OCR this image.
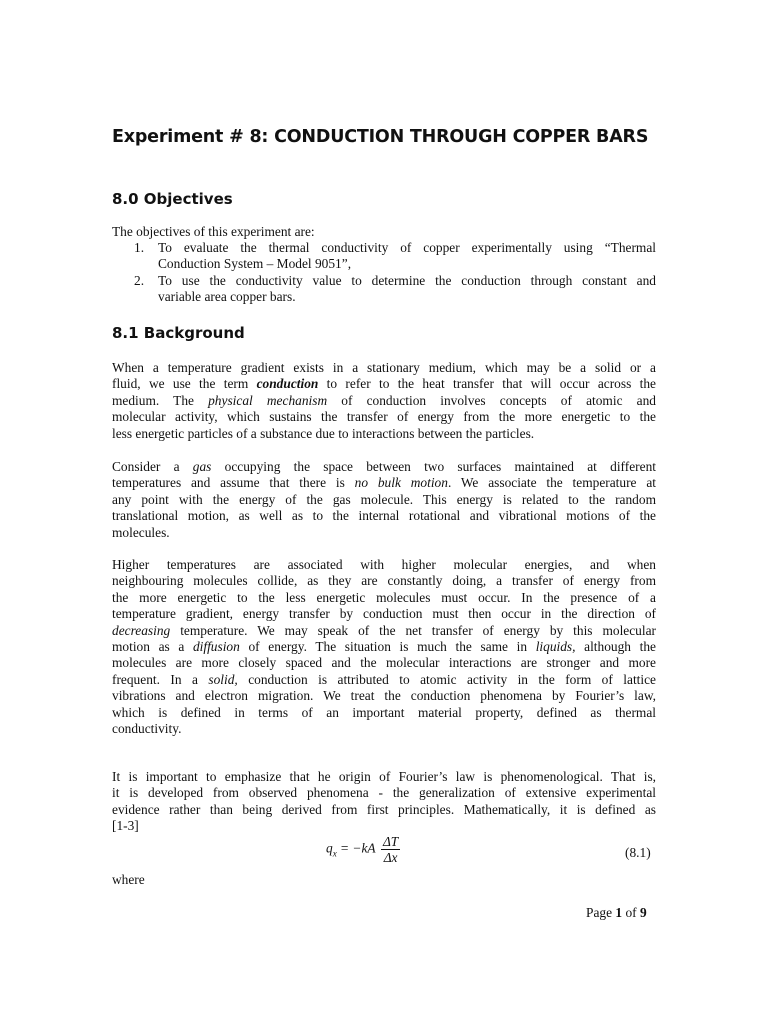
Experiment # 8: CONDUCTION THROUGH COPPER BARS
8.0 Objectives

The objectives of this experiment are:

1. To evaluate the thermal conductivity of copper experimentally using “Thermal
Conduction System – Model 9051”,
2. To use the conductivity value to determine the conduction through constant and
variable area copper bars.
8.1 Background

When a temperature gradient exists in a stationary medium, which may be a solid or a
fluid, we use the term conduction to refer to the heat transfer that will occur across the
medium. The physical mechanism of conduction involves concepts of atomic and
molecular activity, which sustains the transfer of energy from the more energetic to the
less energetic particles of a substance due to interactions between the particles.

Consider a gas occupying the space between two surfaces maintained at different
temperatures and assume that there is no bulk motion. We associate the temperature at
any point with the energy of the gas molecule. This energy is related to the random
translational motion, as well as to the internal rotational and vibrational motions of the
molecules.

Higher temperatures are associated with higher molecular energies, and when
neighbouring molecules collide, as they are constantly doing, a transfer of energy from
the more energetic to the less energetic molecules must occur. In the presence of a
temperature gradient, energy transfer by conduction must then occur in the direction of
decreasing temperature. We may speak of the net transfer of energy by this molecular
motion as a diffusion of energy. The situation is much the same in liquids, although the
molecules are more closely spaced and the molecular interactions are stronger and more
frequent. In a solid, conduction is attributed to atomic activity in the form of lattice
vibrations and electron migration. We treat the conduction phenomena by Fourier’s law,
which is defined in terms of an important material property, defined as thermal
conductivity.

It is important to emphasize that he origin of Fourier’s law is phenomenological. That is,
it is developed from observed phenomena - the generalization of extensive experimental
evidence rather than being derived from first principles. Mathematically, it is defined as
[1-3]

$q_x = -kA \frac{\Delta T}{\Delta x}$	(8.1)
where
Page 1 of 9
